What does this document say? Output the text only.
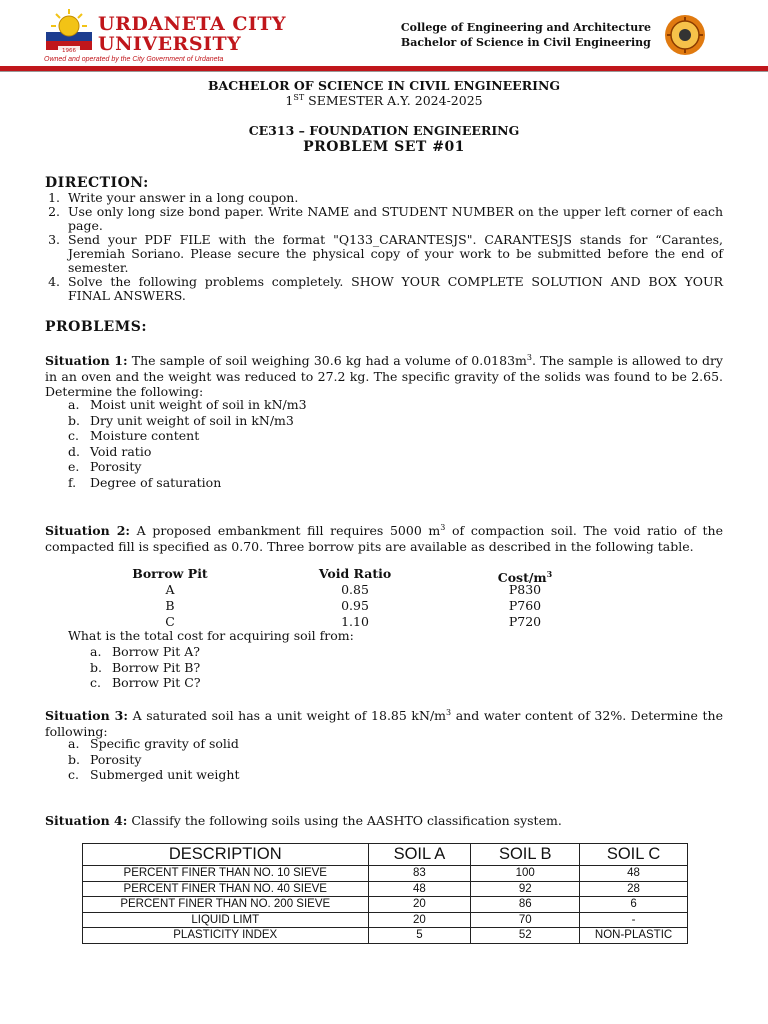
1966
URDANETA CITY
UNIVERSITY
Owned and operated by the City Government of Urdaneta
College of Engineering and Architecture
Bachelor of Science in Civil Engineering
BACHELOR OF SCIENCE IN CIVIL ENGINEERING
1ST SEMESTER A.Y. 2024-2025
CE313 – FOUNDATION ENGINEERING
PROBLEM SET #01
DIRECTION:
1. Write your answer in a long coupon.
2. Use only long size bond paper. Write NAME and STUDENT NUMBER on the upper left corner of each page.
3. Send your PDF FILE with the format "Q133_CARANTESJS". CARANTESJS stands for “Carantes, Jeremiah Soriano. Please secure the physical copy of your work to be submitted before the end of semester.
4. Solve the following problems completely. SHOW YOUR COMPLETE SOLUTION AND BOX YOUR FINAL ANSWERS.
PROBLEMS:
Situation 1: The sample of soil weighing 30.6 kg had a volume of $0.0183m^3$. The sample is allowed to dry in an oven and the weight was reduced to 27.2 kg. The specific gravity of the solids was found to be 2.65. Determine the following:
a. Moist unit weight of soil in kN/m3
b. Dry unit weight of soil in kN/m3
c. Moisture content
d. Void ratio
e. Porosity
f.	Degree of saturation
Situation 2: A proposed embankment fill requires 5000 $m^3$ of compaction soil. The void ratio of the compacted fill is specified as 0.70. Three borrow pits are available as described in the following table.
Borrow Pit	Void Ratio	Cost/$m^3$
A	0.85	P830
B	0.95	P760
C	1.10	P720
What is the total cost for acquiring soil from:
a. Borrow Pit A?
b. Borrow Pit B?
c. Borrow Pit C?
Situation 3: A saturated soil has a unit weight of 18.85 $kN/m^3$ and water content of 32%. Determine the following:
a. Specific gravity of solid
b. Porosity
c. Submerged unit weight
Situation 4: Classify the following soils using the AASHTO classification system.
DESCRIPTION	SOIL A	SOIL B	SOIL C
PERCENT FINER THAN NO. 10 SIEVE	83	100	48
PERCENT FINER THAN NO. 40 SIEVE	48	92	28
PERCENT FINER THAN NO. 200 SIEVE	20	86	6
LIQUID LIMT	20	70	-
PLASTICITY INDEX	5	52	NON-PLASTIC
